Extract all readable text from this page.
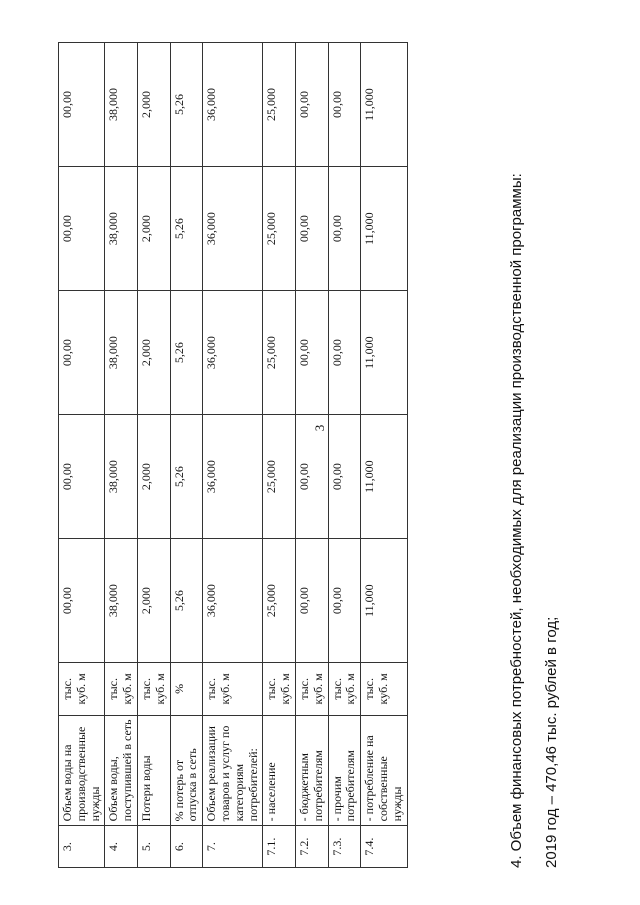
3
3.	Объем воды на производственные нужды	тыс. куб. м	00,00	00,00	00,00	00,00	00,00
4.	Объем воды, поступившей в сеть	тыс. куб. м	38,000	38,000	38,000	38,000	38,000
5.	Потери воды	тыс. куб. м	2,000	2,000	2,000	2,000	2,000
6.	% потерь от отпуска в сеть	%	5,26	5,26	5,26	5,26	5,26
7.	Объем реализации товаров и услуг по категориям потребителей:	тыс. куб. м	36,000	36,000	36,000	36,000	36,000
7.1.	- население	тыс. куб. м	25,000	25,000	25,000	25,000	25,000
7.2.	- бюджетным потребителям	тыс. куб. м	00,00	00,00	00,00	00,00	00,00
7.3.	- прочим потребителям	тыс. куб. м	00,00	00,00	00,00	00,00	00,00
7.4.	- потребление на собственные нужды	тыс. куб. м	11,000	11,000	11,000	11,000	11,000

4. Объем финансовых потребностей, необходимых для реализации производственной программы: 2019 год – 470,46 тыс. рублей в год;
